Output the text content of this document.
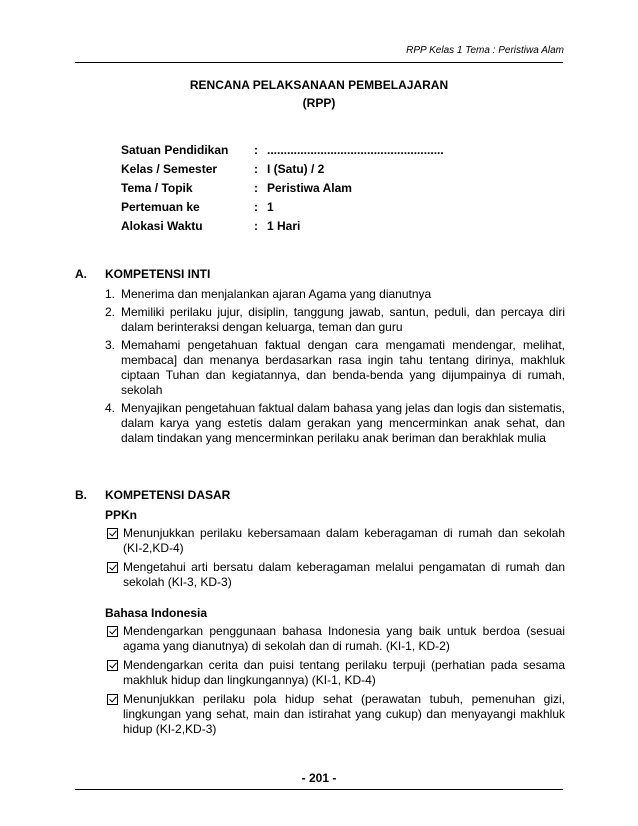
RPP Kelas 1 Tema : Peristiwa Alam
RENCANA PELAKSANAAN PEMBELAJARAN
(RPP)
Satuan Pendidikan	: .....................................................
Kelas / Semester	: I (Satu) / 2
Tema / Topik	: Peristiwa Alam
Pertemuan ke	: 1
Alokasi Waktu	: 1 Hari
A.	KOMPETENSI INTI
1. Menerima dan menjalankan ajaran Agama yang dianutnya
2. Memiliki perilaku jujur, disiplin, tanggung jawab, santun, peduli, dan percaya diri dalam berinteraksi dengan keluarga, teman dan guru
3. Memahami pengetahuan faktual dengan cara mengamati mendengar, melihat, membaca] dan menanya berdasarkan rasa ingin tahu tentang dirinya, makhluk ciptaan Tuhan dan kegiatannya, dan benda-benda yang dijumpainya di rumah, sekolah
4. Menyajikan pengetahuan faktual dalam bahasa yang jelas dan logis dan sistematis, dalam karya yang estetis dalam gerakan yang mencerminkan anak sehat, dan dalam tindakan yang mencerminkan perilaku anak beriman dan berakhlak mulia
B.	KOMPETENSI DASAR
PPKn
Menunjukkan perilaku kebersamaan dalam keberagaman di rumah dan sekolah (KI-2,KD-4)
Mengetahui arti bersatu dalam keberagaman melalui pengamatan di rumah dan sekolah (KI-3, KD-3)
Bahasa Indonesia
Mendengarkan penggunaan bahasa Indonesia yang baik untuk berdoa (sesuai agama yang dianutnya) di sekolah dan di rumah. (KI-1, KD-2)
Mendengarkan cerita dan puisi tentang perilaku terpuji (perhatian pada sesama makhluk hidup dan lingkungannya) (KI-1, KD-4)
Menunjukkan perilaku pola hidup sehat (perawatan tubuh, pemenuhan gizi, lingkungan yang sehat, main dan istirahat yang cukup) dan menyayangi makhluk hidup (KI-2,KD-3)
- 201 -
